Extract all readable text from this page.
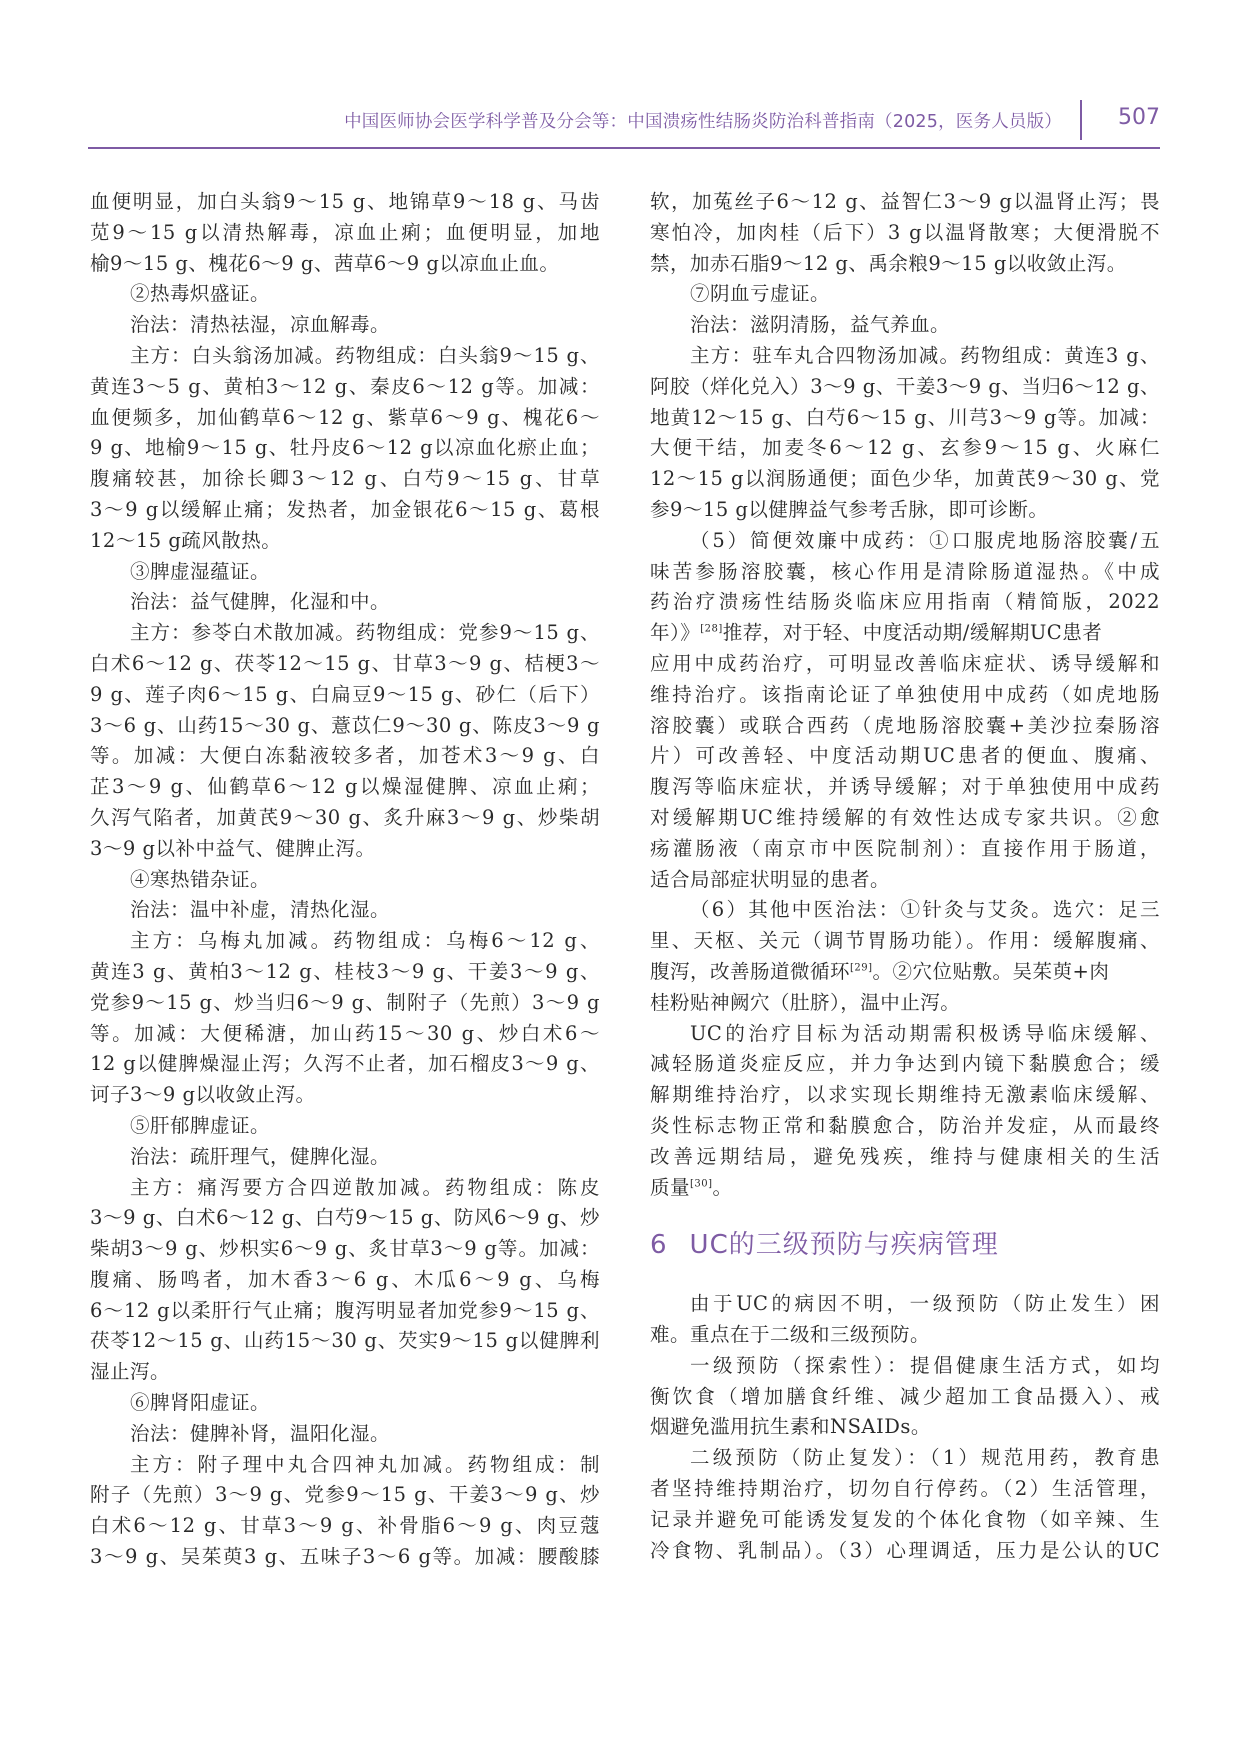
中国医师协会医学科学普及分会等：中国溃疡性结肠炎防治科普指南（2025，医务人员版）	507

血便明显，加白头翁9～15 g、地锦草9～18 g、马齿
苋9～15 g以清热解毒，凉血止痢；血便明显，加地
榆9～15 g、槐花6～9 g、茜草6～9 g以凉血止血。

②热毒炽盛证。

治法：清热祛湿，凉血解毒。

主方：白头翁汤加减。药物组成：白头翁9～15 g、
黄连3～5 g、黄柏3～12 g、秦皮6～12 g等。加减：
血便频多，加仙鹤草6～12 g、紫草6～9 g、槐花6～
9 g、地榆9～15 g、牡丹皮6～12 g以凉血化瘀止血；
腹痛较甚，加徐长卿3～12 g、白芍9～15 g、甘草
3～9 g以缓解止痛；发热者，加金银花6～15 g、葛根
12～15 g疏风散热。

③脾虚湿蕴证。

治法：益气健脾，化湿和中。

主方：参苓白术散加减。药物组成：党参9～15 g、
白术6～12 g、茯苓12～15 g、甘草3～9 g、桔梗3～
9 g、莲子肉6～15 g、白扁豆9～15 g、砂仁（后下）
3～6 g、山药15～30 g、薏苡仁9～30 g、陈皮3～9 g
等。加减：大便白冻黏液较多者，加苍术3～9 g、白
芷3～9 g、仙鹤草6～12 g以燥湿健脾、凉血止痢；
久泻气陷者，加黄芪9～30 g、炙升麻3～9 g、炒柴胡
3～9 g以补中益气、健脾止泻。

④寒热错杂证。

治法：温中补虚，清热化湿。

主方：乌梅丸加减。药物组成：乌梅6～12 g、
黄连3 g、黄柏3～12 g、桂枝3～9 g、干姜3～9 g、
党参9～15 g、炒当归6～9 g、制附子（先煎）3～9 g
等。加减：大便稀溏，加山药15～30 g、炒白术6～
12 g以健脾燥湿止泻；久泻不止者，加石榴皮3～9 g、
诃子3～9 g以收敛止泻。

⑤肝郁脾虚证。

治法：疏肝理气，健脾化湿。

主方：痛泻要方合四逆散加减。药物组成：陈皮
3～9 g、白术6～12 g、白芍9～15 g、防风6～9 g、炒
柴胡3～9 g、炒枳实6～9 g、炙甘草3～9 g等。加减：
腹痛、肠鸣者，加木香3～6 g、木瓜6～9 g、乌梅
6～12 g以柔肝行气止痛；腹泻明显者加党参9～15 g、
茯苓12～15 g、山药15～30 g、芡实9～15 g以健脾利
湿止泻。

⑥脾肾阳虚证。

治法：健脾补肾，温阳化湿。

主方：附子理中丸合四神丸加减。药物组成：制
附子（先煎）3～9 g、党参9～15 g、干姜3～9 g、炒
白术6～12 g、甘草3～9 g、补骨脂6～9 g、肉豆蔻
3～9 g、吴茱萸3 g、五味子3～6 g等。加减：腰酸膝

软，加菟丝子6～12 g、益智仁3～9 g以温肾止泻；畏
寒怕冷，加肉桂（后下）3 g以温肾散寒；大便滑脱不
禁，加赤石脂9～12 g、禹余粮9～15 g以收敛止泻。

⑦阴血亏虚证。

治法：滋阴清肠，益气养血。

主方：驻车丸合四物汤加减。药物组成：黄连3 g、
阿胶（烊化兑入）3～9 g、干姜3～9 g、当归6～12 g、
地黄12～15 g、白芍6～15 g、川芎3～9 g等。加减：
大便干结，加麦冬6～12 g、玄参9～15 g、火麻仁
12～15 g以润肠通便；面色少华，加黄芪9～30 g、党
参9～15 g以健脾益气参考舌脉，即可诊断。

（5）简便效廉中成药：①口服虎地肠溶胶囊/五
味苦参肠溶胶囊，核心作用是清除肠道湿热。《中成
药治疗溃疡性结肠炎临床应用指南（精简版，2022
年）》[28]推荐，对于轻、中度活动期/缓解期UC患者
应用中成药治疗，可明显改善临床症状、诱导缓解和
维持治疗。该指南论证了单独使用中成药（如虎地肠
溶胶囊）或联合西药（虎地肠溶胶囊+美沙拉秦肠溶
片）可改善轻、中度活动期UC患者的便血、腹痛、
腹泻等临床症状，并诱导缓解；对于单独使用中成药
对缓解期UC维持缓解的有效性达成专家共识。②愈
疡灌肠液（南京市中医院制剂）：直接作用于肠道，
适合局部症状明显的患者。

（6）其他中医治法：①针灸与艾灸。选穴：足三
里、天枢、关元（调节胃肠功能）。作用：缓解腹痛、
腹泻，改善肠道微循环[29]。②穴位贴敷。吴茱萸+肉
桂粉贴神阙穴（肚脐），温中止泻。

UC的治疗目标为活动期需积极诱导临床缓解、
减轻肠道炎症反应，并力争达到内镜下黏膜愈合；缓
解期维持治疗，以求实现长期维持无激素临床缓解、
炎性标志物正常和黏膜愈合，防治并发症，从而最终
改善远期结局，避免残疾，维持与健康相关的生活
质量[30]。

6 UC的三级预防与疾病管理

由于UC的病因不明，一级预防（防止发生）困
难。重点在于二级和三级预防。

一级预防（探索性）：提倡健康生活方式，如均
衡饮食（增加膳食纤维、减少超加工食品摄入）、戒
烟避免滥用抗生素和NSAIDs。

二级预防（防止复发）：（1）规范用药，教育患
者坚持维持期治疗，切勿自行停药。（2）生活管理，
记录并避免可能诱发复发的个体化食物（如辛辣、生
冷食物、乳制品）。（3）心理调适，压力是公认的UC
